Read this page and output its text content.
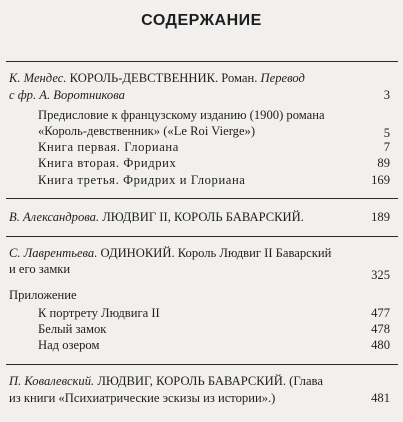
СОДЕРЖАНИЕ
К. Мендес. КОРОЛЬ-ДЕВСТВЕННИК. Роман. Перевод
с фр. А. Воротникова	3
Предисловие к французскому изданию (1900) романа
«Король-девственник» («Le Roi Vierge»)	5
Книга первая. Глориана	7
Книга вторая. Фридрих	89
Книга третья. Фридрих и Глориана	169
В. Александрова. ЛЮДВИГ II, КОРОЛЬ БАВАРСКИЙ.	189
С. Лаврентьева. ОДИНОКИЙ. Король Людвиг II Баварский
и его замки	325
Приложение
К портрету Людвига II	477
Белый замок	478
Над озером	480
П. Ковалевский. ЛЮДВИГ, КОРОЛЬ БАВАРСКИЙ. (Глава
из книги «Психиатрические эскизы из истории».)	481
